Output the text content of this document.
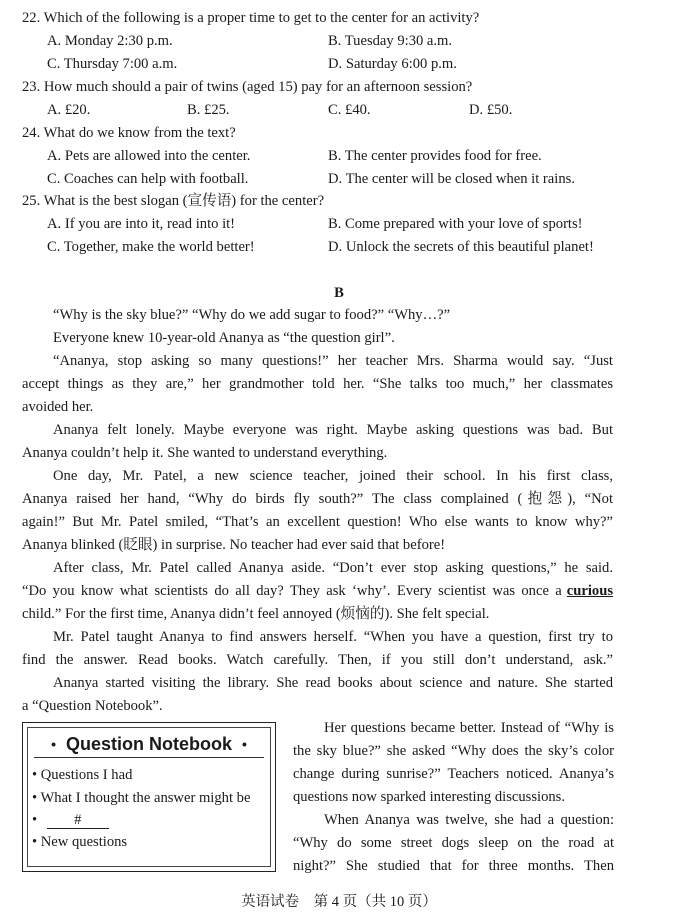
22. Which of the following is a proper time to get to the center for an activity?
A. Monday 2:30 p.m.	B. Tuesday 9:30 a.m.
C. Thursday 7:00 a.m.	D. Saturday 6:00 p.m.
23. How much should a pair of twins (aged 15) pay for an afternoon session?
A. £20.	B. £25.	C. £40.	D. £50.
24. What do we know from the text?
A. Pets are allowed into the center.	B. The center provides food for free.
C. Coaches can help with football.	D. The center will be closed when it rains.
25. What is the best slogan (宣传语) for the center?
A. If you are into it, read into it!	B. Come prepared with your love of sports!
C. Together, make the world better!	D. Unlock the secrets of this beautiful planet!
B
“Why is the sky blue?” “Why do we add sugar to food?” “Why…?”
Everyone knew 10-year-old Ananya as “the question girl”.
“Ananya, stop asking so many questions!” her teacher Mrs. Sharma would say. “Just
accept things as they are,” her grandmother told her. “She talks too much,” her classmates
avoided her.
Ananya felt lonely. Maybe everyone was right. Maybe asking questions was bad. But
Ananya couldn’t help it. She wanted to understand everything.
One day, Mr. Patel, a new science teacher, joined their school. In his first class,
Ananya raised her hand, “Why do birds fly south?” The class complained (抱怨), “Not
again!” But Mr. Patel smiled, “That’s an excellent question! Who else wants to know why?”
Ananya blinked (眨眼) in surprise. No teacher had ever said that before!
After class, Mr. Patel called Ananya aside. “Don’t ever stop asking questions,” he said.
“Do you know what scientists do all day? They ask ‘why’. Every scientist was once a curious
child.” For the first time, Ananya didn’t feel annoyed (烦恼的). She felt special.
Mr. Patel taught Ananya to find answers herself. “When you have a question, first try to
find the answer. Read books. Watch carefully. Then, if you still don’t understand, ask.”
Ananya started visiting the library. She read books about science and nature. She started
a “Question Notebook”.
• Question Notebook •
• Questions I had
• What I thought the answer might be
•	#
• New questions
Her questions became better. Instead of “Why is
the sky blue?” she asked “Why does the sky’s color
change during sunrise?” Teachers noticed. Ananya’s
questions now sparked interesting discussions.
When Ananya was twelve, she had a question:
“Why do some street dogs sleep on the road at
night?” She studied that for three months. Then
英语试卷　第 4 页（共 10 页）
